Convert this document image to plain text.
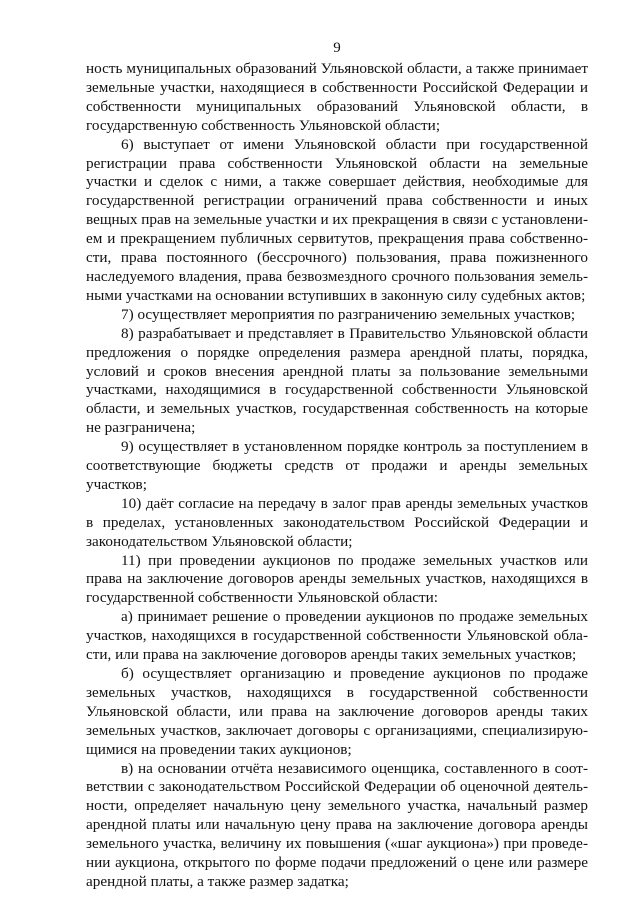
9

ность муниципальных образований Ульяновской области, а также принимает земельные участки, находящиеся в собственности Российской Федерации и собственности муниципальных образований Ульяновской области, в государственную собственность Ульяновской области;

6) выступает от имени Ульяновской области при государственной регистрации права собственности Ульяновской области на земельные участки и сделок с ними, а также совершает действия, необходимые для государственной регистрации ограничений права собственности и иных вещных прав на земельные участки и их прекращения в связи с установлением и прекращением публичных сервитутов, прекращения права собственности, права постоянного (бессрочного) пользования, права пожизненного наследуемого владения, права безвозмездного срочного пользования земельными участками на основании вступивших в законную силу судебных актов;

7) осуществляет мероприятия по разграничению земельных участков;

8) разрабатывает и представляет в Правительство Ульяновской области предложения о порядке определения размера арендной платы, порядка, условий и сроков внесения арендной платы за пользование земельными участками, находящимися в государственной собственности Ульяновской области, и земельных участков, государственная собственность на которые не разграничена;

9) осуществляет в установленном порядке контроль за поступлением в соответствующие бюджеты средств от продажи и аренды земельных участков;

10) даёт согласие на передачу в залог прав аренды земельных участков в пределах, установленных законодательством Российской Федерации и законодательством Ульяновской области;

11) при проведении аукционов по продаже земельных участков или права на заключение договоров аренды земельных участков, находящихся в государственной собственности Ульяновской области:

а) принимает решение о проведении аукционов по продаже земельных участков, находящихся в государственной собственности Ульяновской области, или права на заключение договоров аренды таких земельных участков;

б) осуществляет организацию и проведение аукционов по продаже земельных участков, находящихся в государственной собственности Ульяновской области, или права на заключение договоров аренды таких земельных участков, заключает договоры с организациями, специализирующимися на проведении таких аукционов;

в) на основании отчёта независимого оценщика, составленного в соответствии с законодательством Российской Федерации об оценочной деятельности, определяет начальную цену земельного участка, начальный размер арендной платы или начальную цену права на заключение договора аренды земельного участка, величину их повышения («шаг аукциона») при проведении аукциона, открытого по форме подачи предложений о цене или размере арендной платы, а также размер задатка;
